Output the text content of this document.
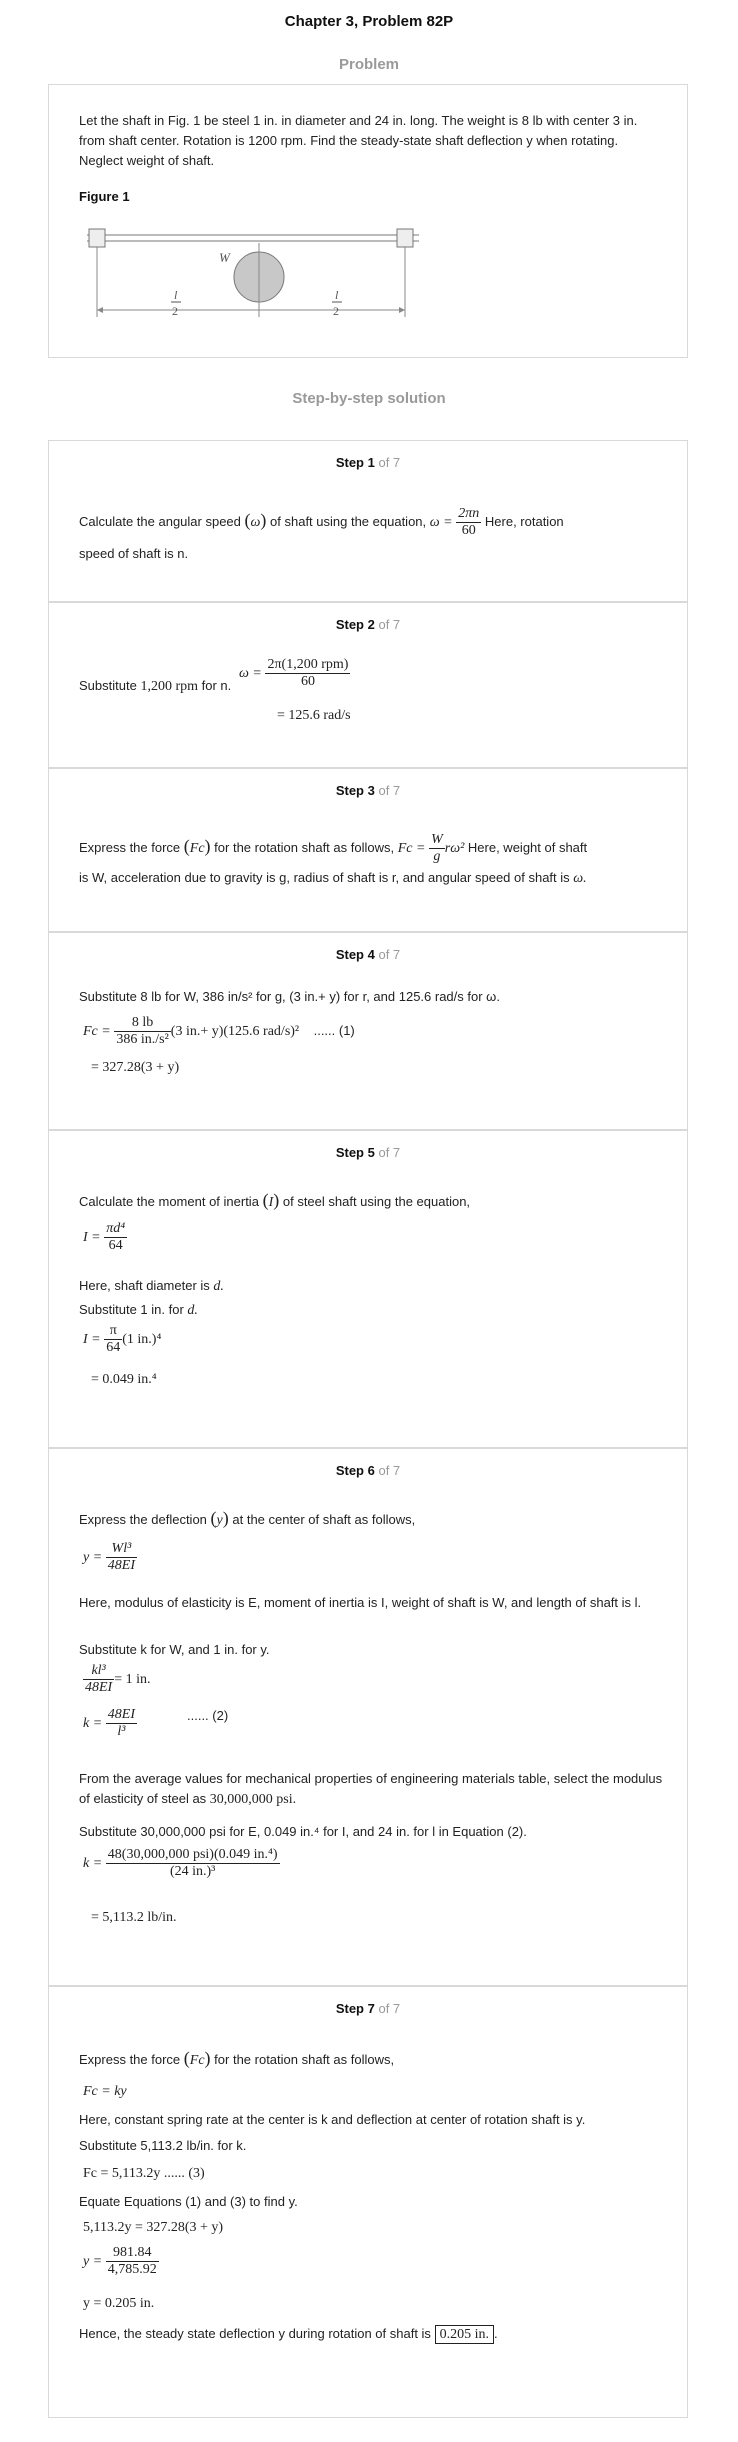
Chapter 3, Problem 82P
Problem
Let the shaft in Fig. 1 be steel 1 in. in diameter and 24 in. long. The weight is 8 lb with center 3 in. from shaft center. Rotation is 1200 rpm. Find the steady-state shaft deflection y when rotating. Neglect weight of shaft.
Figure 1
W
l
2
l
2
Step-by-step solution
Step 1 of 7
Calculate the angular speed (ω) of shaft using the equation, $\omega = \frac{2\pi n}{60}$ Here, rotation
speed of shaft is n.
Step 2 of 7
Substitute 1,200 rpm for n.
$\omega = \frac{\text{2π(1,200 rpm)}}{60}$
= 125.6 rad/s
Step 3 of 7
Express the force (Fc) for the rotation shaft as follows, $Fc = \frac{W}{g} r\omega^2$ Here, weight of shaft
is W, acceleration due to gravity is g, radius of shaft is r, and angular speed of shaft is ω.
Step 4 of 7
Substitute 8 lb for W, 386 in/s² for g, (3 in.+ y) for r, and 125.6 rad/s for ω.
$Fc = \frac{8 lb}{\text{386 in./s²}} (3$ in.+ y)(125.6 rad/s)² ...... (1)
= 327.28(3 + y)
Step 5 of 7
Calculate the moment of inertia (I) of steel shaft using the equation,
$I = \frac{\text{πd⁴}}{64}$
Here, shaft diameter is d.
Substitute 1 in. for d.
$I = \frac{\pi}{64} (1$ in.)⁴
= 0.049 in.⁴
Step 6 of 7
Express the deflection (y) at the center of shaft as follows,
$y = \frac{\text{Wl³}}{48EI}$
Here, modulus of elasticity is E, moment of inertia is I, weight of shaft is W, and length of shaft is l.
Substitute k for W, and 1 in. for y.
$\frac{\text{kl³}}{48EI} = 1$ in.
$k = \frac{48EI}{\text{l³}}$	...... (2)
From the average values for mechanical properties of engineering materials table, select the modulus of elasticity of steel as 30,000,000 psi.
Substitute 30,000,000 psi for E, 0.049 in.⁴ for I, and 24 in. for l in Equation (2).
$k = \frac{\text{48(30,000,000 psi)(0.049 in.⁴)}}{\text{(24 in.)³}}$
= 5,113.2 lb/in.
Step 7 of 7
Express the force (Fc) for the rotation shaft as follows,
Fc = ky
Here, constant spring rate at the center is k and deflection at center of rotation shaft is y.
Substitute 5,113.2 lb/in. for k.
Fc = 5,113.2y ...... (3)
Equate Equations (1) and (3) to find y.
5,113.2y = 327.28(3 + y)
$y = \frac{981.84}{4,785.92}$
y = 0.205 in.
Hence, the steady state deflection y during rotation of shaft is 0.205 in. .
